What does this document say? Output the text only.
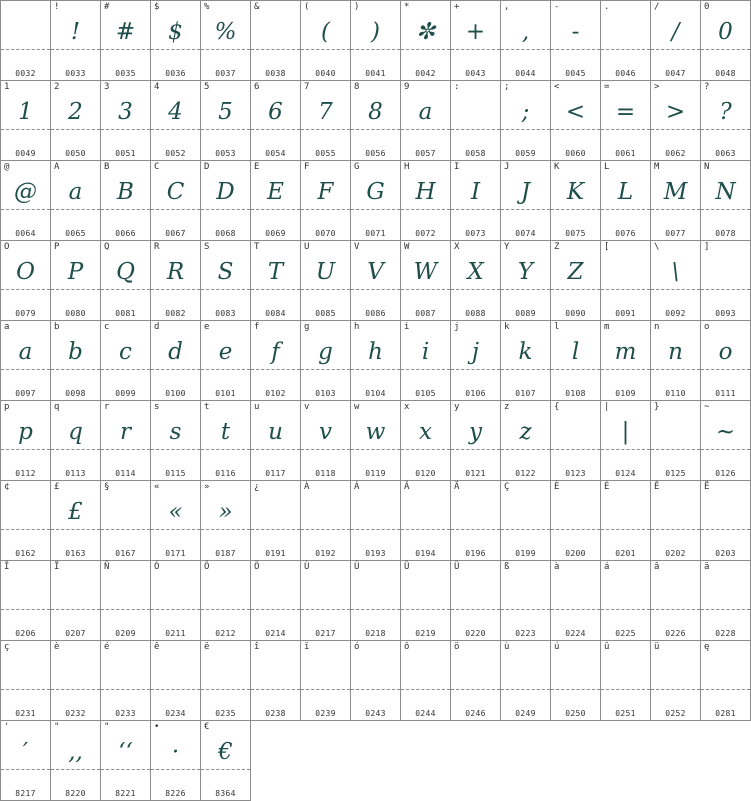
0032
!
!
0033
#
#
0035
$
$
0036
%
%
0037
&
0038
(
(
0040
)
)
0041
*
✼
0042
+
+
0043
,
,
0044
-
-
0045
.
0046
/
/
0047
0
0
0048
1
1
0049
2
2
0050
3
3
0051
4
4
0052
5
5
0053
6
6
0054
7
7
0055
8
8
0056
9
a
0057
:
0058
;
;
0059
<
<
0060
=
=
0061
>
>
0062
?
?
0063
@
@
0064
A
a
0065
B
B
0066
C
C
0067
D
D
0068
E
E
0069
F
F
0070
G
G
0071
H
H
0072
I
I
0073
J
J
0074
K
K
0075
L
L
0076
M
M
0077
N
N
0078
O
O
0079
P
P
0080
Q
Q
0081
R
R
0082
S
S
0083
T
T
0084
U
U
0085
V
V
0086
W
W
0087
X
X
0088
Y
Y
0089
Z
Z
0090
[
0091
\
\
0092
]
0093
a
a
0097
b
b
0098
c
c
0099
d
d
0100
e
e
0101
f
f
0102
g
g
0103
h
h
0104
i
i
0105
j
j
0106
k
k
0107
l
l
0108
m
m
0109
n
n
0110
o
o
0111
p
p
0112
q
q
0113
r
r
0114
s
s
0115
t
t
0116
u
u
0117
v
v
0118
w
w
0119
x
x
0120
y
y
0121
z
z
0122
{
0123
|
|
0124
}
0125
~
~
0126
¢
0162
£
£
0163
§
0167
«
«
0171
»
»
0187
¿
0191
À
0192
Á
0193
Â
0194
Ä
0196
Ç
0199
È
0200
É
0201
Ê
0202
Ë
0203
Î
0206
Ï
0207
Ñ
0209
Ó
0211
Ô
0212
Ö
0214
Ù
0217
Ú
0218
Û
0219
Ü
0220
ß
0223
à
0224
á
0225
â
0226
ä
0228
ç
0231
è
0232
é
0233
ê
0234
ë
0235
î
0238
ï
0239
ó
0243
ô
0244
ö
0246
ù
0249
ú
0250
û
0251
ü
0252
ę
0281
'
′
8217
"
,,
8220
"
‘‘
8221
•
·
8226
€
€
8364
